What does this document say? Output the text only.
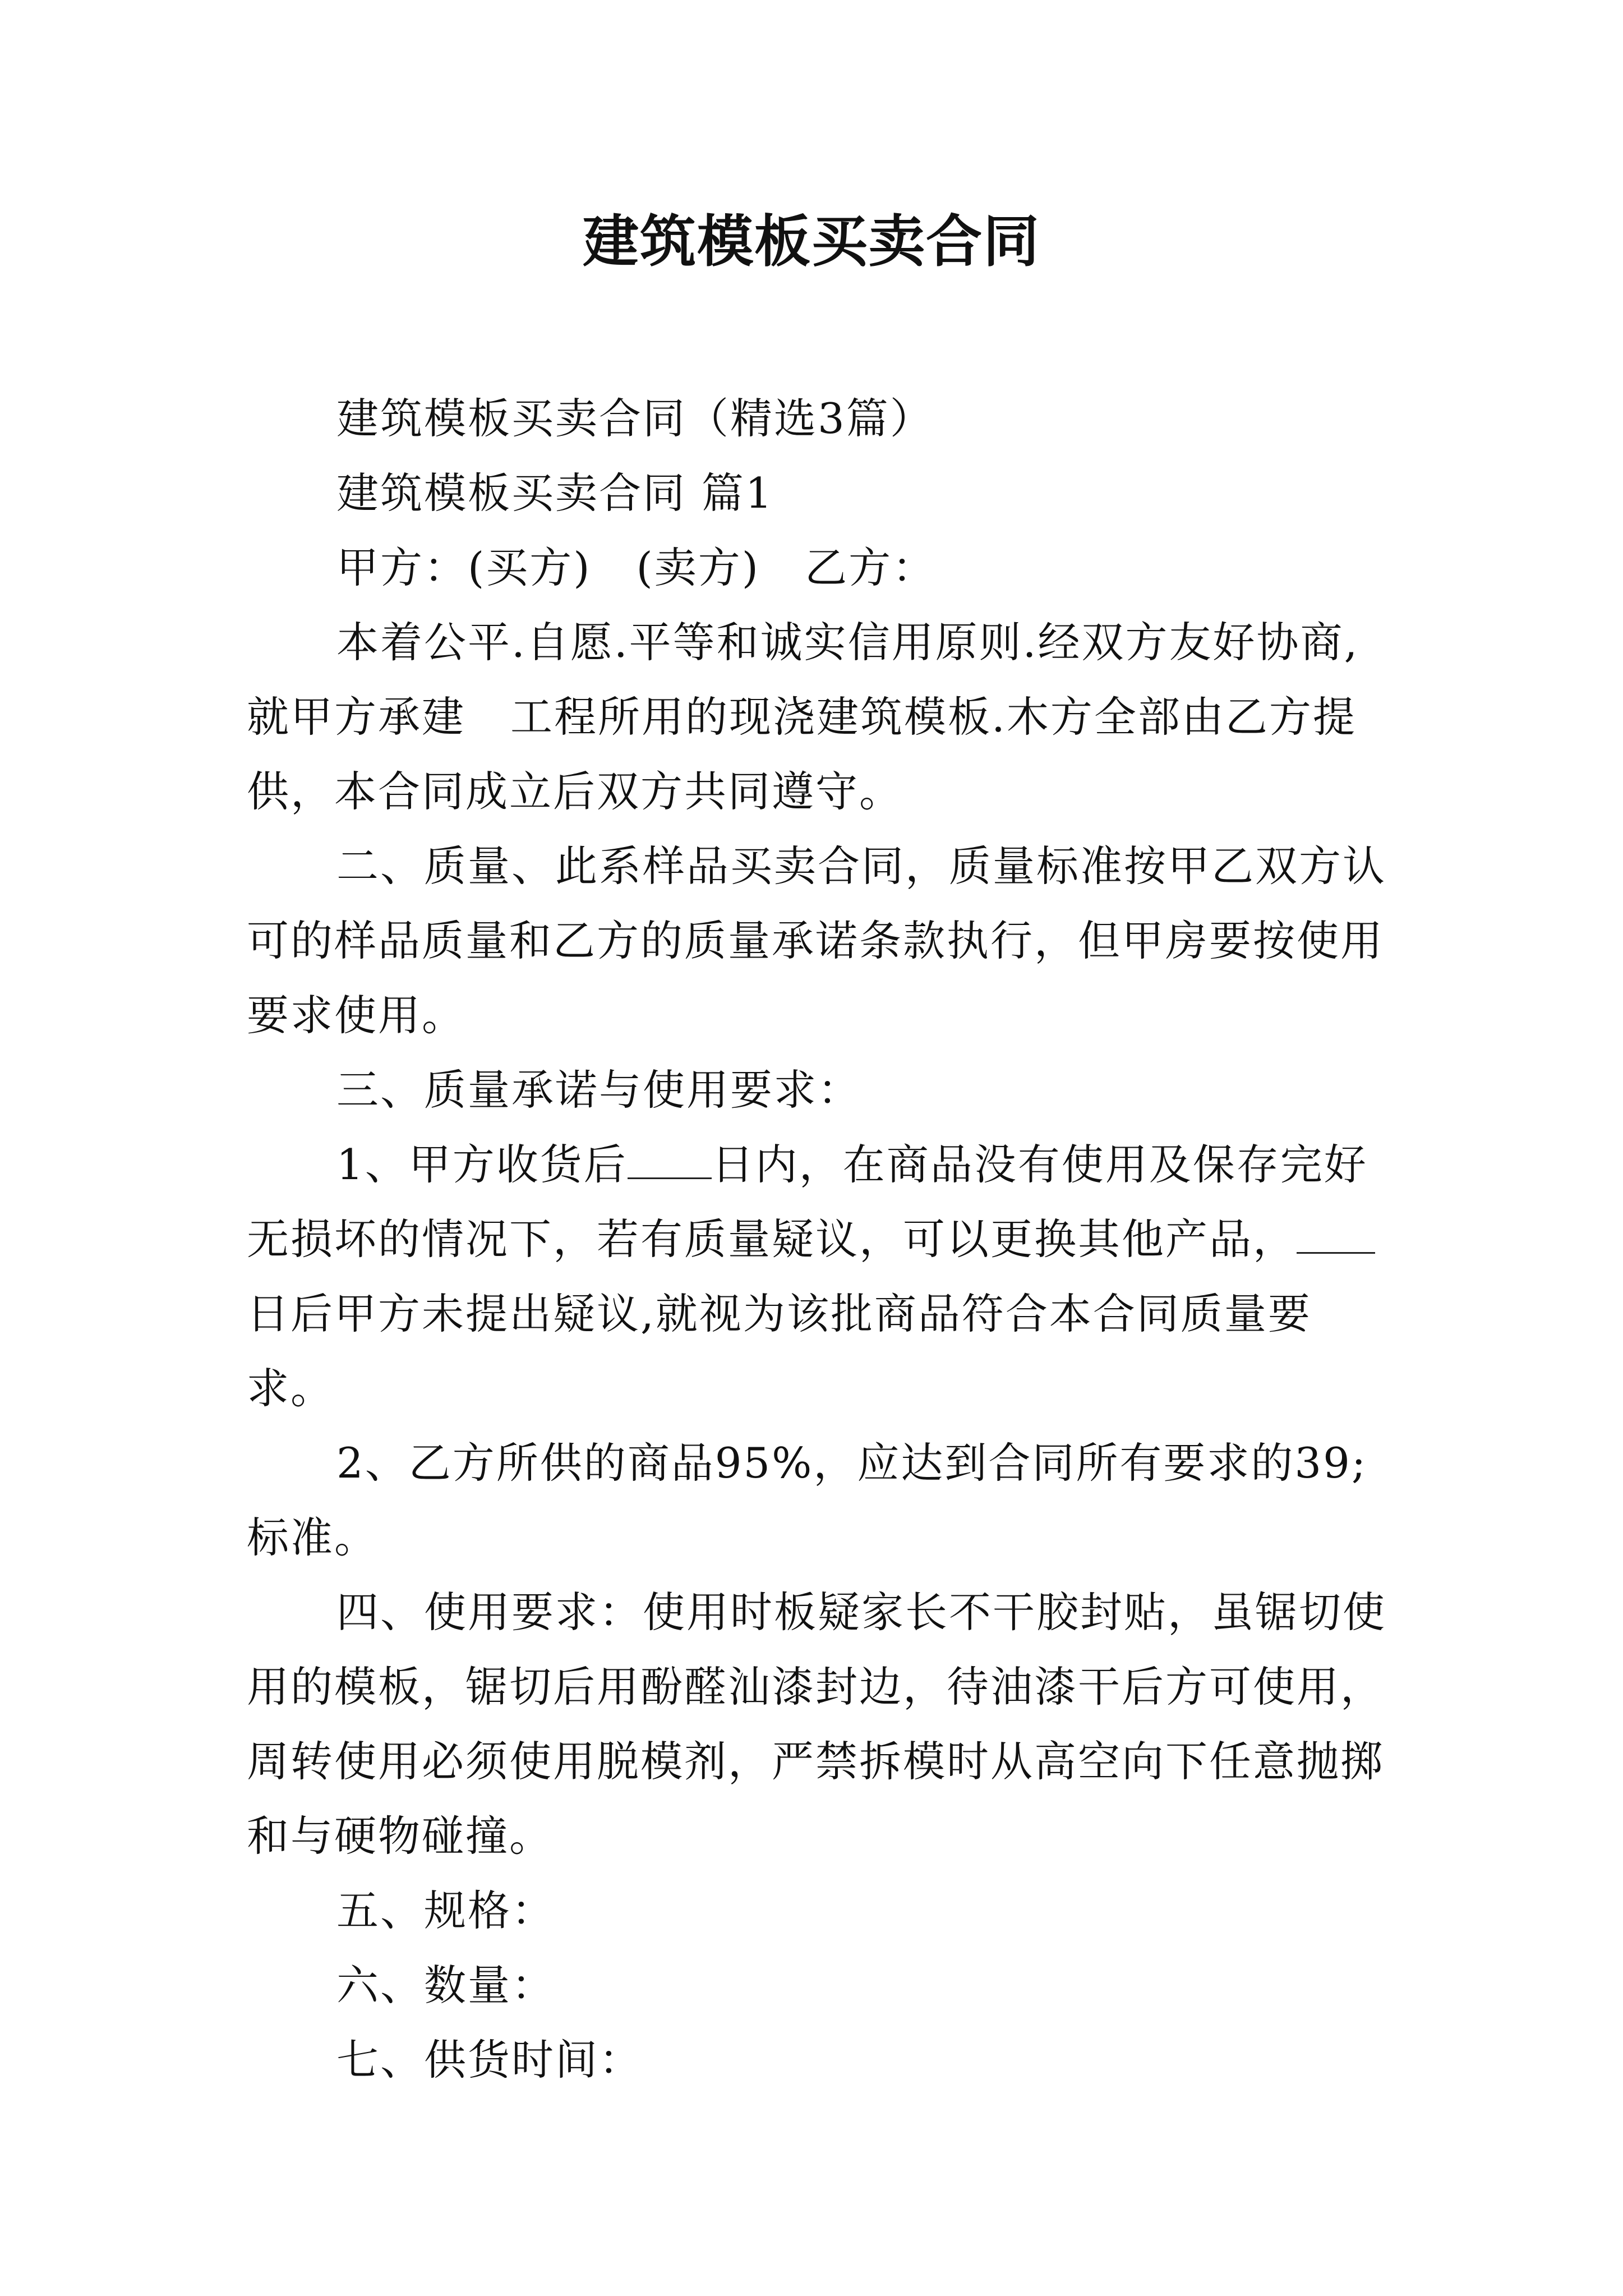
建筑模板买卖合同

建筑模板买卖合同（精选3篇）

建筑模板买卖合同 篇1

甲方：(买方) (卖方) 乙方：

本着公平.自愿.平等和诚实信用原则.经双方友好协商,就甲方承建 工程所用的现浇建筑模板.木方全部由乙方提供，本合同成立后双方共同遵守。

二、质量、此系样品买卖合同，质量标准按甲乙双方认可的样品质量和乙方的质量承诺条款执行，但甲房要按使用要求使用。

三、质量承诺与使用要求：

1、甲方收货后 日内，在商品没有使用及保存完好无损坏的情况下，若有质量疑议，可以更换其他产品，日后甲方未提出疑议,就视为该批商品符合本合同质量要求。

2、乙方所供的商品95%，应达到合同所有要求的39;标准。

四、使用要求：使用时板疑家长不干胶封贴，虽锯切使用的模板，锯切后用酚醛汕漆封边，待油漆干后方可使用，周转使用必须使用脱模剂，严禁拆模时从高空向下任意抛掷和与硬物碰撞。

五、规格：

六、数量：

七、供货时间：
